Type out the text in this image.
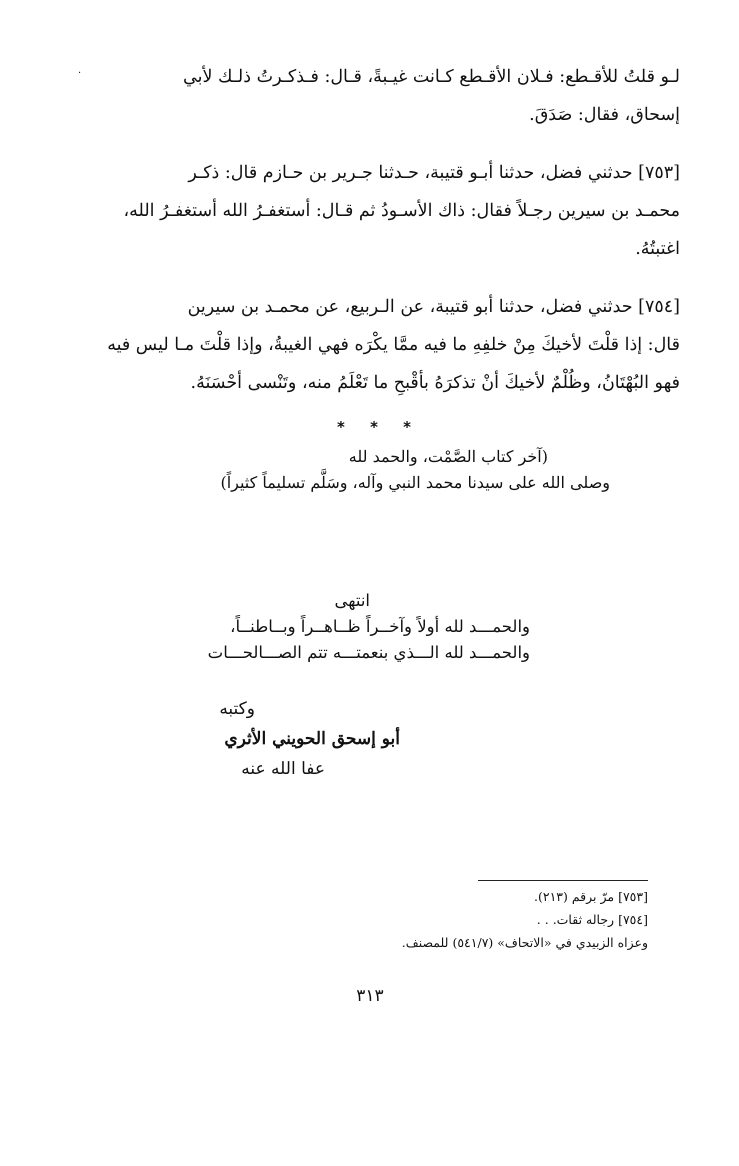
·	لـو قلتُ للأقـطع: فـلان الأقـطع كـانت غيـبةً، قـال: فـذكـرتُ ذلـك لأبي
إسحاق، فقال: صَدَقَ.

[٧٥٣] حدثني فضل، حدثنا أبـو قتيبة، حـدثنا جـرير بن حـازم قال: ذكـر
محمـد بن سيرين رجـلاً فقال: ذاك الأسـودُ ثم قـال: أستغفـرُ الله أستغفـرُ الله،
اغتبتُهُ.

[٧٥٤] حدثني فضل، حدثنا أبو قتيبة، عن الـربيع، عن محمـد بن سيرين
قال: إذا قلْتَ لأخيكَ مِنْ خلفِهِ ما فيه ممَّا يكْرَه فهي الغيبةُ، وإذا قلْتَ مـا ليس فيه
فهو البُهْتَانُ، وظُلْمٌ لأخيكَ أنْ تذكرَهُ بأقْبحِ ما تَعْلَمُ منه، وتَنْسى أحْسَنَهُ.

* * *
(آخر كتاب الصَّمْت، والحمد لله
وصلى الله على سيدنا محمد النبي وآله، وسَلَّم تسليماً كثيراً)
انتهى
والحمـــد لله أولاً وآخــراً ظــاهــراً وبــاطنــاً،
والحمـــد لله الـــذي بنعمتـــه تتم الصـــالحـــات
وكتبه
أبو إسحق الحويني الأثري
عفا الله عنه
[٧٥٣] مرّ برقم (٢١٣).
[٧٥٤] رجاله ثقات. . .
وعزاه الزبيدي في «الاتحاف» (٥٤١/٧) للمصنف.
٣١٣
